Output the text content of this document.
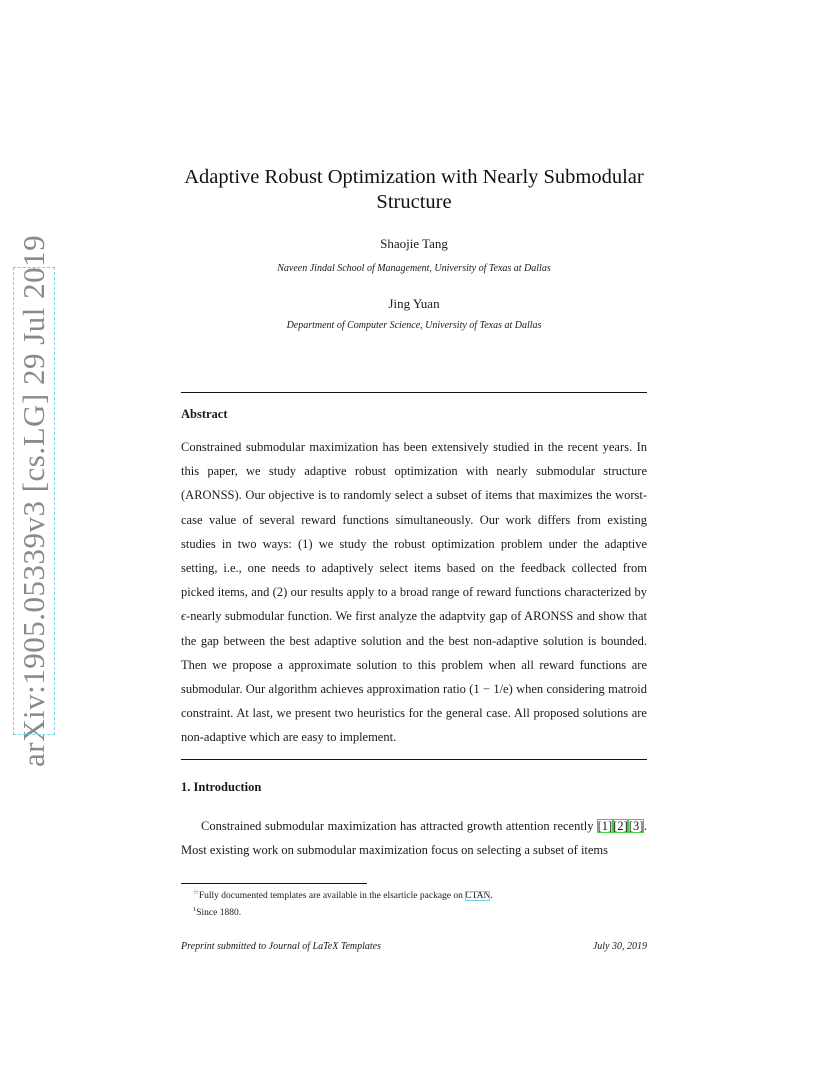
arXiv:1905.05339v3 [cs.LG] 29 Jul 2019
Adaptive Robust Optimization with Nearly Submodular
Structure
Shaojie Tang
Naveen Jindal School of Management, University of Texas at Dallas
Jing Yuan
Department of Computer Science, University of Texas at Dallas
Abstract
Constrained submodular maximization has been extensively studied in the recent years. In this paper, we study adaptive robust optimization with nearly submodular structure (ARONSS). Our objective is to randomly select a subset of items that maximizes the worst-case value of several reward functions simultaneously. Our work differs from existing studies in two ways: (1) we study the robust optimization problem under the adaptive setting, i.e., one needs to adaptively select items based on the feedback collected from picked items, and (2) our results apply to a broad range of reward functions characterized by ϵ-nearly submodular function. We first analyze the adaptvity gap of ARONSS and show that the gap between the best adaptive solution and the best non-adaptive solution is bounded. Then we propose a approximate solution to this problem when all reward functions are submodular. Our algorithm achieves approximation ratio (1 − 1/e) when considering matroid constraint. At last, we present two heuristics for the general case. All proposed solutions are non-adaptive which are easy to implement.
1. Introduction
Constrained submodular maximization has attracted growth attention recently [1][2][3]. Most existing work on submodular maximization focus on selecting a subset of items
☆Fully documented templates are available in the elsarticle package on CTAN.
$^1$Since 1880.
Preprint submitted to Journal of LaTeX Templates	July 30, 2019
